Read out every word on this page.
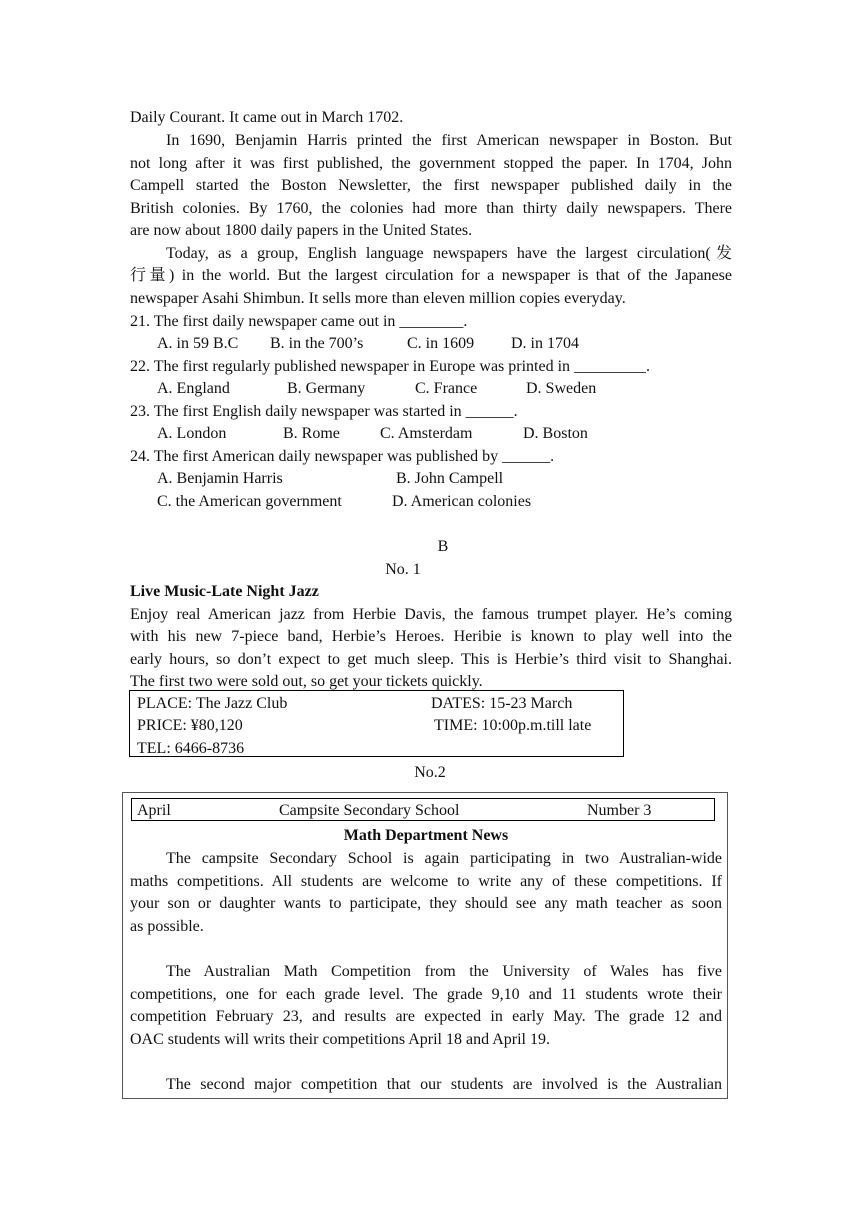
Daily Courant. It came out in March 1702.
In 1690, Benjamin Harris printed the first American newspaper in Boston. But
not long after it was first published, the government stopped the paper. In 1704, John
Campell started the Boston Newsletter, the first newspaper published daily in the
British colonies. By 1760, the colonies had more than thirty daily newspapers. There
are now about 1800 daily papers in the United States.
Today, as a group, English language newspapers have the largest circulation(发
行量) in the world. But the largest circulation for a newspaper is that of the Japanese
newspaper Asahi Shimbun. It sells more than eleven million copies everyday.
21. The first daily newspaper came out in ________.
A. in 59 B.C B. in the 700’s	C. in 1609 D. in 1704
22. The first regularly published newspaper in Europe was printed in _________.
A. England	B. Germany	C. France	D. Sweden
23. The first English daily newspaper was started in ______.
A. London	B. Rome	C. Amsterdam	D. Boston
24. The first American daily newspaper was published by ______.
A. Benjamin Harris	B. John Campell
C. the American government	D. American colonies
B
No. 1
Live Music-Late Night Jazz
Enjoy real American jazz from Herbie Davis, the famous trumpet player. He’s coming
with his new 7-piece band, Herbie’s Heroes. Heribie is known to play well into the
early hours, so don’t expect to get much sleep. This is Herbie’s third visit to Shanghai.
The first two were sold out, so get your tickets quickly.
PLACE: The Jazz Club	DATES: 15-23 March
PRICE: ¥80,120	TIME: 10:00p.m.till late
TEL: 6466-8736
No.2
April	Campsite Secondary School	Number 3
Math Department News
The campsite Secondary School is again participating in two Australian-wide
maths competitions. All students are welcome to write any of these competitions. If
your son or daughter wants to participate, they should see any math teacher as soon
as possible.
The Australian Math Competition from the University of Wales has five
competitions, one for each grade level. The grade 9,10 and 11 students wrote their
competition February 23, and results are expected in early May. The grade 12 and
OAC students will writs their competitions April 18 and April 19.
The second major competition that our students are involved is the Australian
